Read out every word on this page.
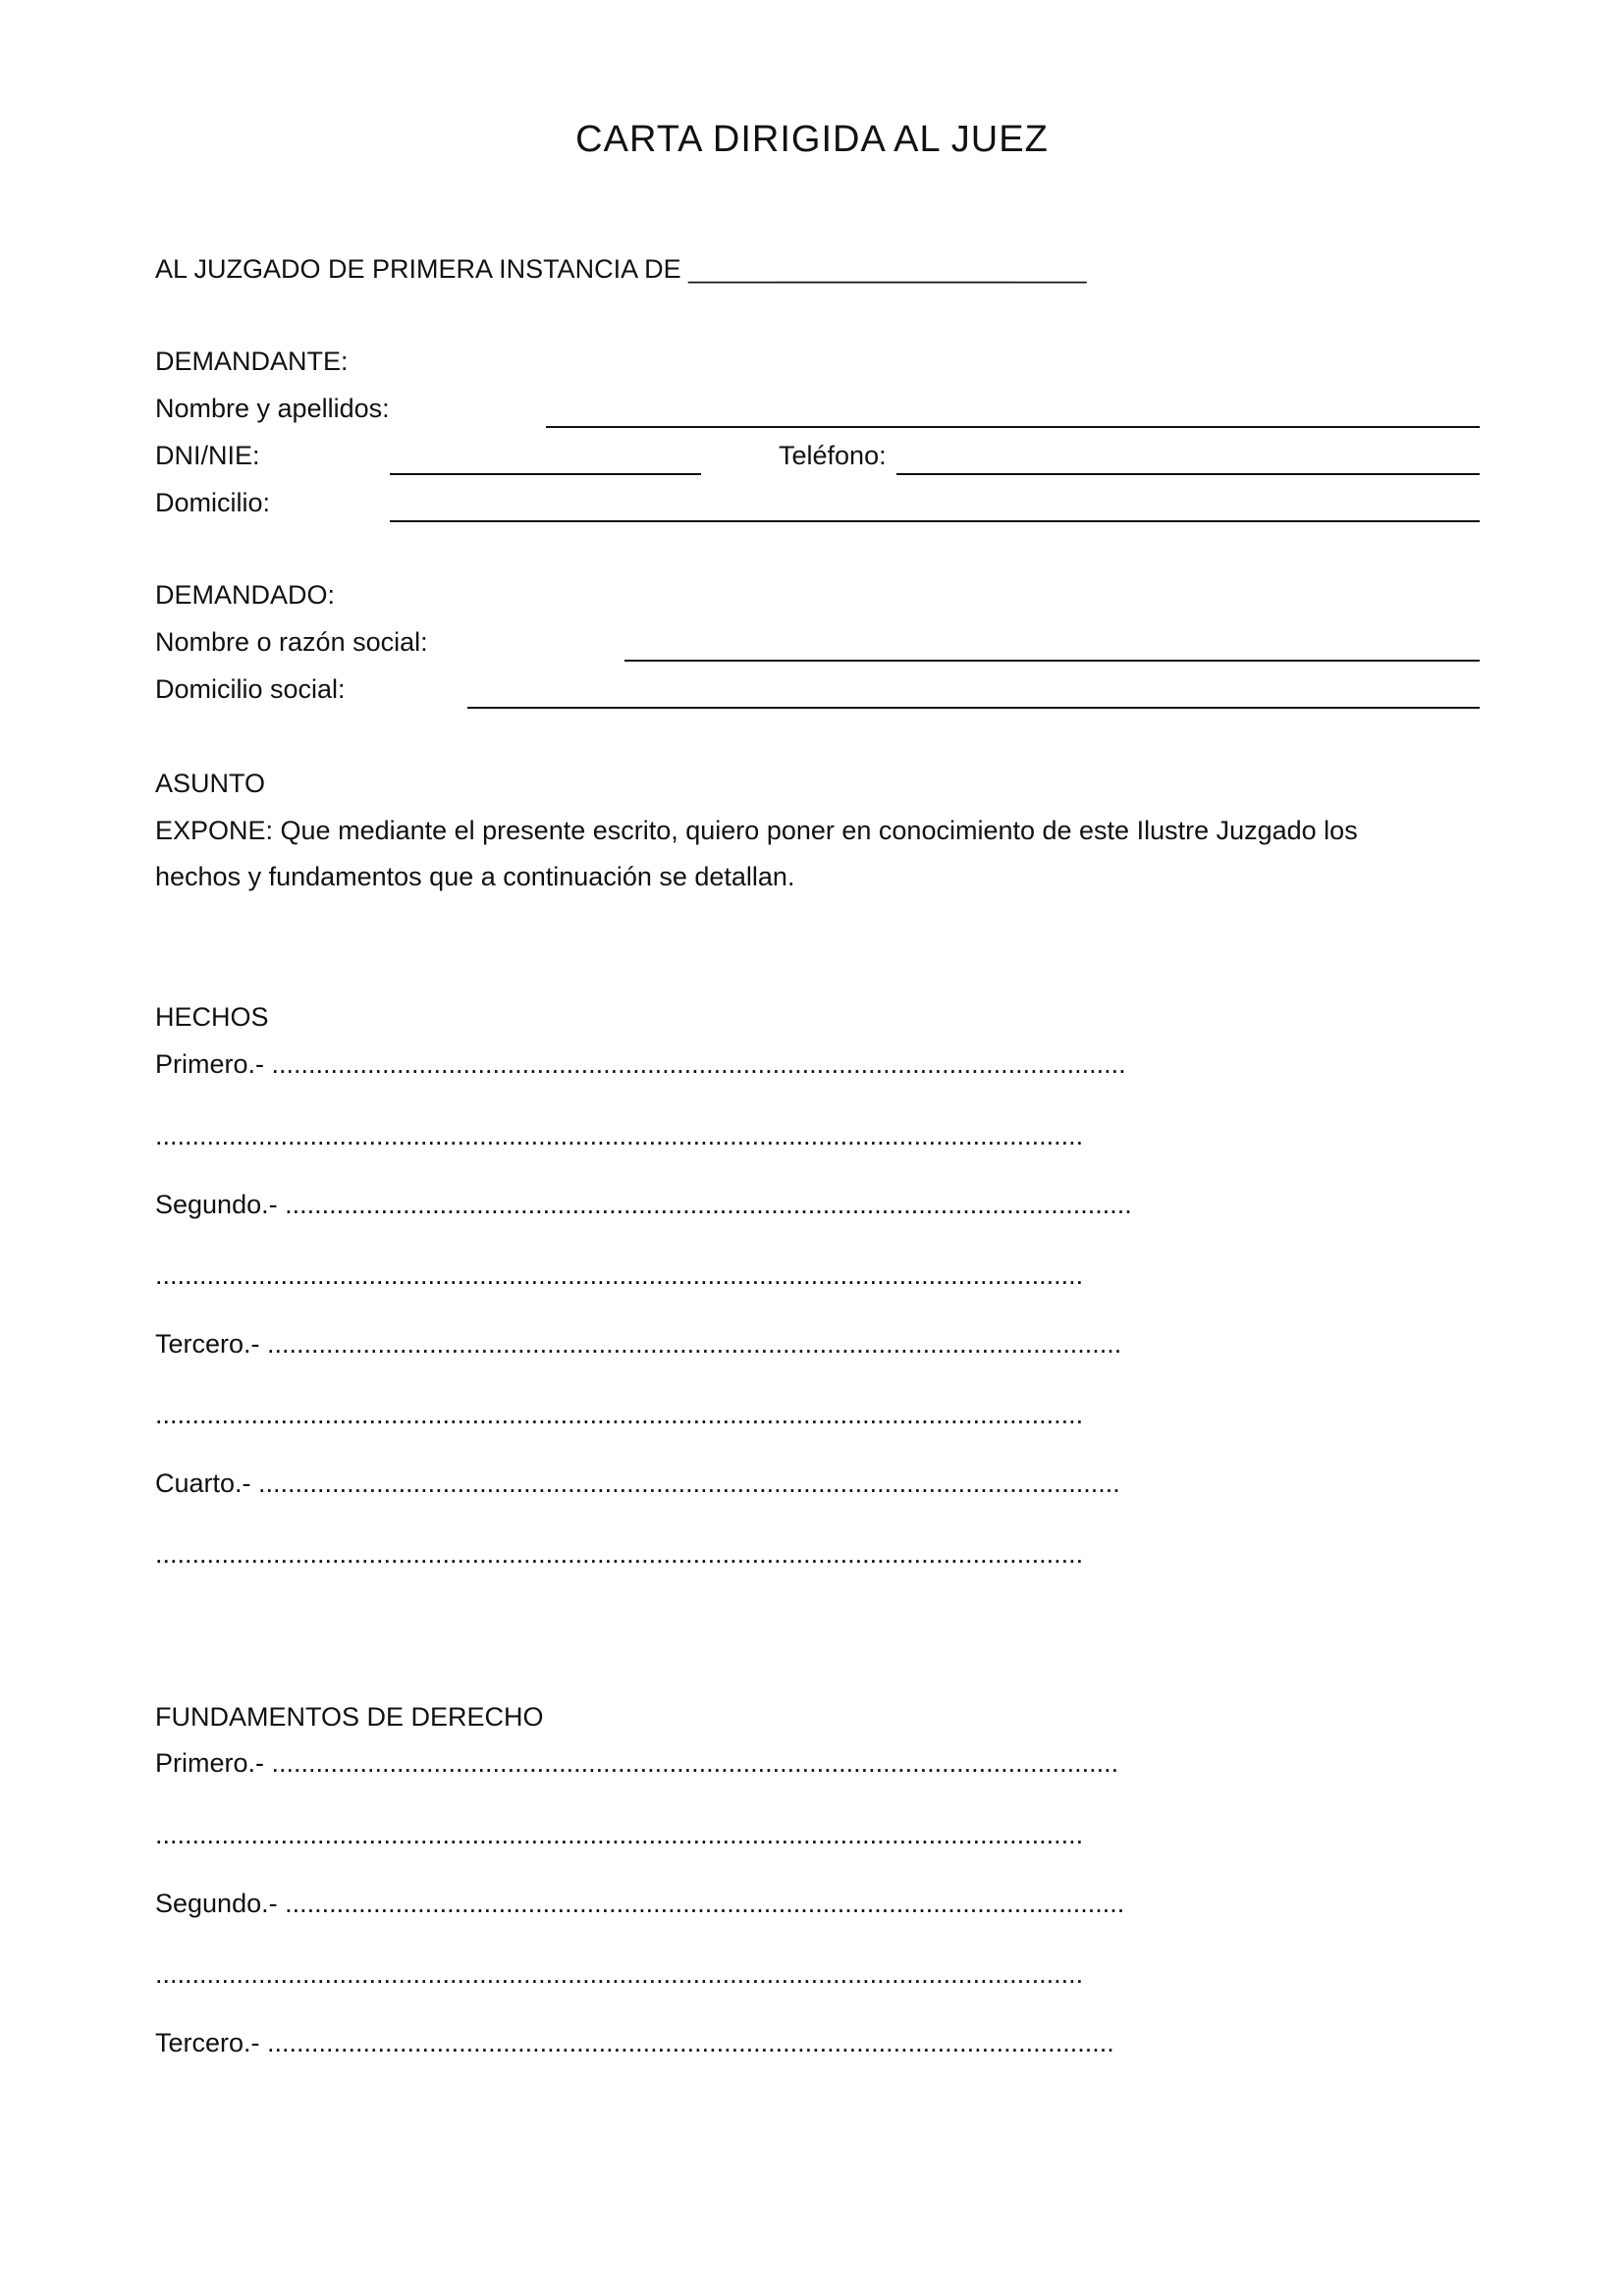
CARTA DIRIGIDA AL JUEZ
AL JUZGADO DE PRIMERA INSTANCIA DE ___________________________
DEMANDANTE:
Nombre y apellidos:
DNI/NIE:	Teléfono:
Domicilio:
DEMANDADO:
Nombre o razón social:
Domicilio social:
ASUNTO
EXPONE: Que mediante el presente escrito, quiero poner en conocimiento de este Ilustre Juzgado los
hechos y fundamentos que a continuación se detallan.
HECHOS
Primero.- ....................................................................................................................
..............................................................................................................................
Segundo.- ...................................................................................................................
..............................................................................................................................
Tercero.- ....................................................................................................................
..............................................................................................................................
Cuarto.- .....................................................................................................................
..............................................................................................................................
FUNDAMENTOS DE DERECHO
Primero.- ...................................................................................................................
..............................................................................................................................
Segundo.- ..................................................................................................................
..............................................................................................................................
Tercero.- ...................................................................................................................
